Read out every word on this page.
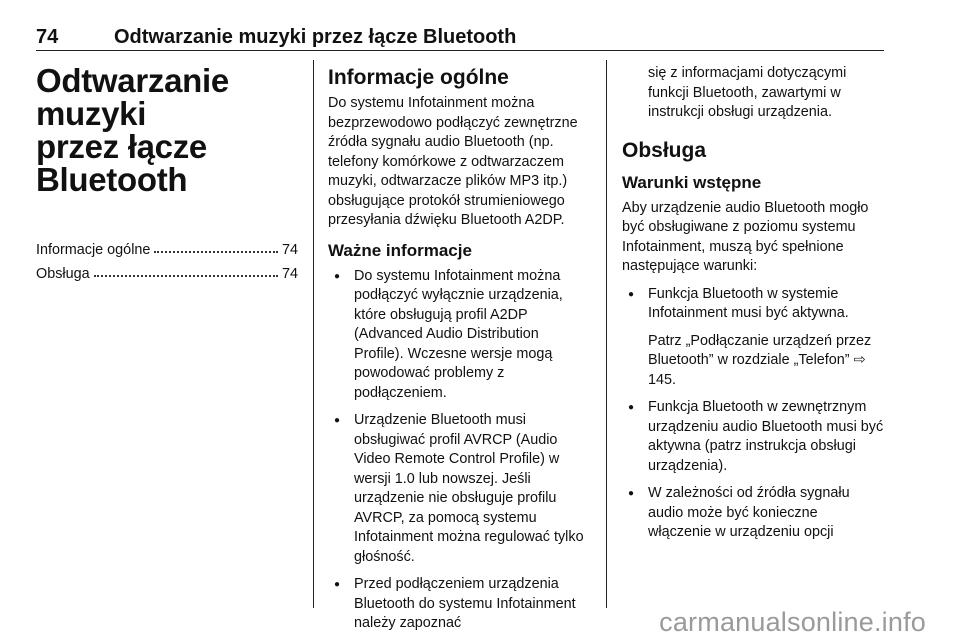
74	Odtwarzanie muzyki przez łącze Bluetooth
Odtwarzanie muzyki
przez łącze
Bluetooth
Informacje ogólne	74
Obsługa	74
Informacje ogólne

Do systemu Infotainment można bezprzewodowo podłączyć zewnętrzne źródła sygnału audio Bluetooth (np. telefony komórkowe z odtwarzaczem muzyki, odtwarzacze plików MP3 itp.) obsługujące protokół strumieniowego przesyłania dźwięku Bluetooth A2DP.

Ważne informacje
● Do systemu Infotainment można podłączyć wyłącznie urządzenia, które obsługują profil A2DP (Advanced Audio Distribution Profile). Wczesne wersje mogą powodować problemy z podłączeniem.
● Urządzenie Bluetooth musi obsługiwać profil AVRCP (Audio Video Remote Control Profile) w wersji 1.0 lub nowszej. Jeśli urządzenie nie obsługuje profilu AVRCP, za pomocą systemu Infotainment można regulować tylko głośność.
● Przed podłączeniem urządzenia Bluetooth do systemu Infotainment należy zapoznać

się z informacjami dotyczącymi funkcji Bluetooth, zawartymi w instrukcji obsługi urządzenia.

Obsługa
Warunki wstępne

Aby urządzenie audio Bluetooth mogło być obsługiwane z poziomu systemu Infotainment, muszą być spełnione następujące warunki:

● Funkcja Bluetooth w systemie Infotainment musi być aktywna.

Patrz „Podłączanie urządzeń przez Bluetooth” w rozdziale „Telefon” ⇨ 145.

● Funkcja Bluetooth w zewnętrznym urządzeniu audio Bluetooth musi być aktywna (patrz instrukcja obsługi urządzenia).
● W zależności od źródła sygnału audio może być konieczne włączenie w urządzeniu opcji
carmanualsonline.info
